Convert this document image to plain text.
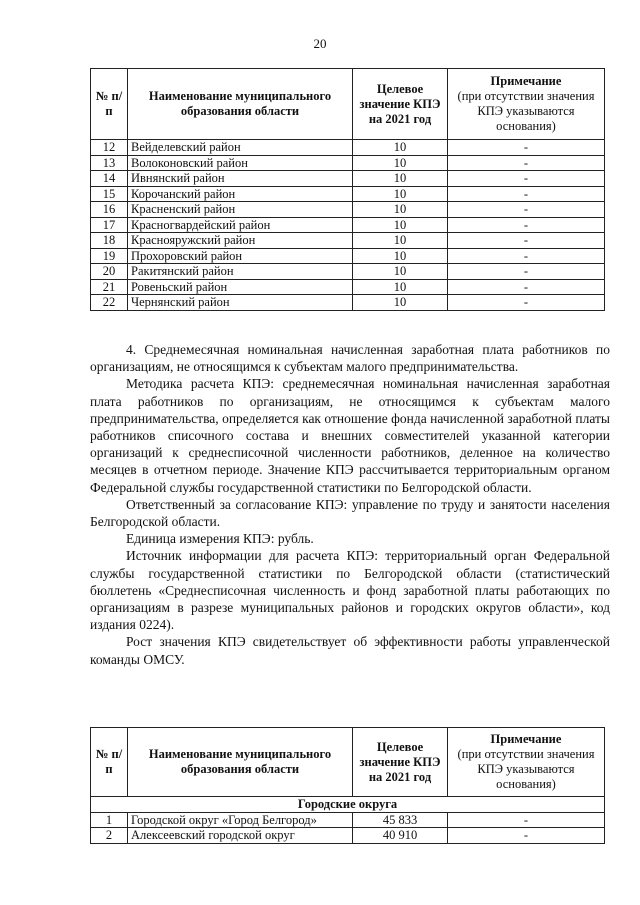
20
№ п/п	Наименование муниципального образования области	Целевое значение КПЭ на 2021 год	Примечание
(при отсутствии значения КПЭ указываются основания)

12	Вейделевский район	10	-
13	Волоконовский район	10	-
14	Ивнянский район	10	-
15	Корочанский район	10	-
16	Красненский район	10	-
17	Красногвардейский район	10	-
18	Краснояружский район	10	-
19	Прохоровский район	10	-
20	Ракитянский район	10	-
21	Ровеньский район	10	-
22	Чернянский район	10	-

4. Среднемесячная номинальная начисленная заработная плата работников по организациям, не относящимся к субъектам малого предпринимательства.

Методика расчета КПЭ: среднемесячная номинальная начисленная заработная плата работников по организациям, не относящимся к субъектам малого предпринимательства, определяется как отношение фонда начисленной заработной платы работников списочного состава и внешних совместителей указанной категории организаций к среднесписочной численности работников, деленное на количество месяцев в отчетном периоде. Значение КПЭ рассчитывается территориальным органом Федеральной службы государственной статистики по Белгородской области.

Ответственный за согласование КПЭ: управление по труду и занятости населения Белгородской области.

Единица измерения КПЭ: рубль.

Источник информации для расчета КПЭ: территориальный орган Федеральной службы государственной статистики по Белгородской области (статистический бюллетень «Среднесписочная численность и фонд заработной платы работающих по организациям в разрезе муниципальных районов и городских округов области», код издания 0224).

Рост значения КПЭ свидетельствует об эффективности работы управленческой команды ОМСУ.

№ п/п	Наименование муниципального образования области	Целевое значение КПЭ на 2021 год	Примечание
(при отсутствии значения КПЭ указываются основания)

Городские округа			
1	Городской округ «Город Белгород»	45 833	-
2	Алексеевский городской округ	40 910	-
